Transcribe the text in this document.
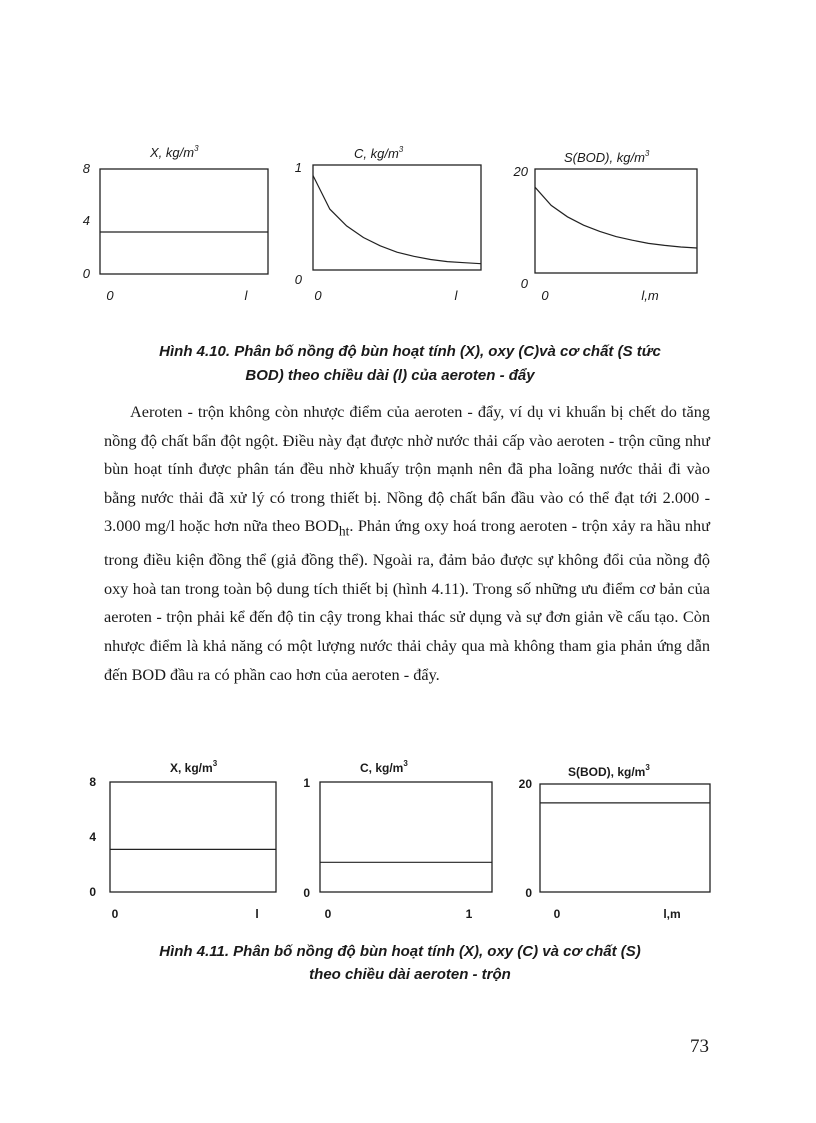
X, $kg/m^3$
8
4
0
0	l
C, $kg/m^3$
1
0
0	l
S(BOD), $kg/m^3$
20
0
0	l,m

Hình 4.10. Phân bố nồng độ bùn hoạt tính (X), oxy (C)và cơ chất (S tức

BOD) theo chiều dài (l) của aeroten - đẩy

Aeroten - trộn không còn nhược điểm của aeroten - đẩy, ví dụ vi khuẩn bị chết do tăng nồng độ chất bẩn đột ngột. Điều này đạt được nhờ nước thải cấp vào aeroten - trộn cũng như bùn hoạt tính được phân tán đều nhờ khuấy trộn mạnh nên đã pha loãng nước thải đi vào bằng nước thải đã xử lý có trong thiết bị. Nồng độ chất bẩn đầu vào có thể đạt tới 2.000 - 3.000 mg/l hoặc hơn nữa theo $BOD_{ht}$. Phản ứng oxy hoá trong aeroten - trộn xảy ra hầu như trong điều kiện đồng thể (giả đồng thể). Ngoài ra, đảm bảo được sự không đổi của nồng độ oxy hoà tan trong toàn bộ dung tích thiết bị (hình 4.11). Trong số những ưu điểm cơ bản của aeroten - trộn phải kể đến độ tin cậy trong khai thác sử dụng và sự đơn giản về cấu tạo. Còn nhược điểm là khả năng có một lượng nước thải chảy qua mà không tham gia phản ứng dẫn đến BOD đầu ra có phần cao hơn của aeroten - đẩy.

X, $kg/m^3$
8
4
0
0	l
C, $kg/m^3$
1
0
0	1
S(BOD), $kg/m^3$
20
0
0	l,m

Hình 4.11. Phân bố nồng độ bùn hoạt tính (X), oxy (C) và cơ chất (S)

theo chiều dài aeroten - trộn

73
